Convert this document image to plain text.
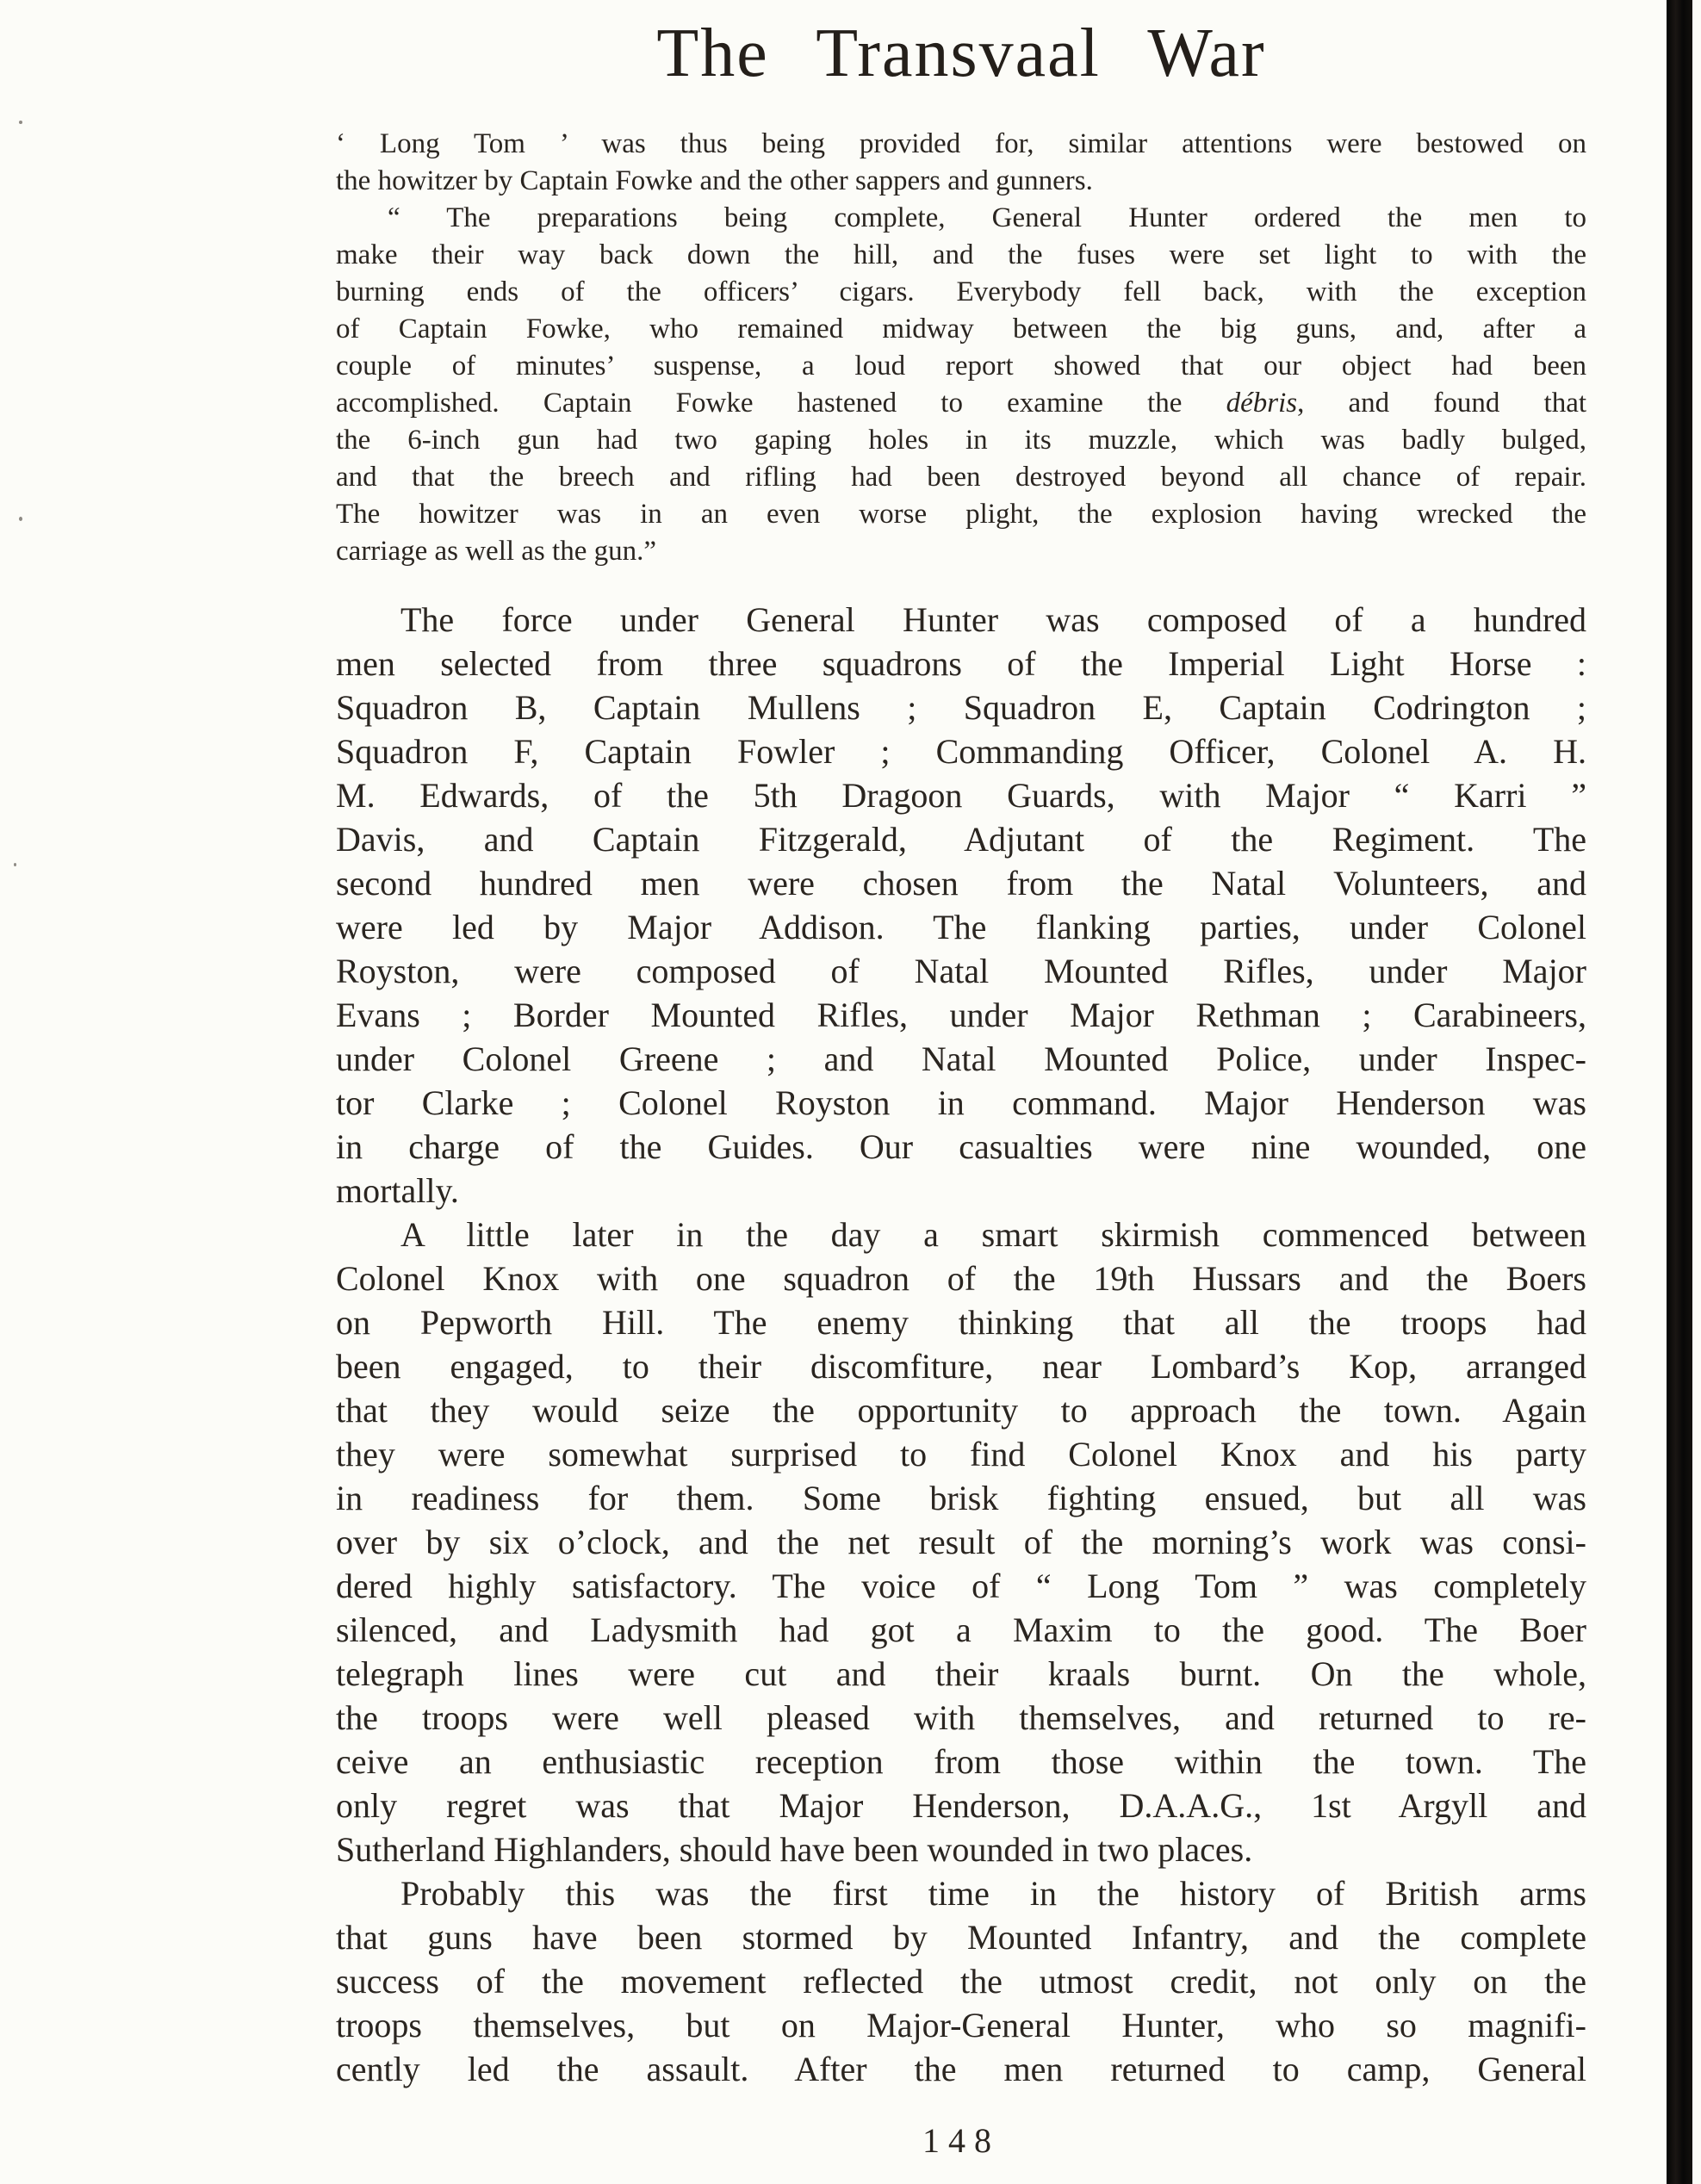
The Transvaal War
‘ Long Tom ’ was thus being provided for, similar attentions were bestowed on
the howitzer by Captain Fowke and the other sappers and gunners.
“ The preparations being complete, General Hunter ordered the men to
make their way back down the hill, and the fuses were set light to with the
burning ends of the officers’ cigars. Everybody fell back, with the exception
of Captain Fowke, who remained midway between the big guns, and, after a
couple of minutes’ suspense, a loud report showed that our object had been
accomplished. Captain Fowke hastened to examine the débris, and found that
the 6-inch gun had two gaping holes in its muzzle, which was badly bulged,
and that the breech and rifling had been destroyed beyond all chance of repair.
The howitzer was in an even worse plight, the explosion having wrecked the
carriage as well as the gun.”
The force under General Hunter was composed of a hundred
men selected from three squadrons of the Imperial Light Horse :
Squadron B, Captain Mullens ; Squadron E, Captain Codrington ;
Squadron F, Captain Fowler ; Commanding Officer, Colonel A. H.
M. Edwards, of the 5th Dragoon Guards, with Major “ Karri ”
Davis, and Captain Fitzgerald, Adjutant of the Regiment. The
second hundred men were chosen from the Natal Volunteers, and
were led by Major Addison. The flanking parties, under Colonel
Royston, were composed of Natal Mounted Rifles, under Major
Evans ; Border Mounted Rifles, under Major Rethman ; Carabineers,
under Colonel Greene ; and Natal Mounted Police, under Inspec-
tor Clarke ; Colonel Royston in command. Major Henderson was
in charge of the Guides. Our casualties were nine wounded, one
mortally.
A little later in the day a smart skirmish commenced between
Colonel Knox with one squadron of the 19th Hussars and the Boers
on Pepworth Hill. The enemy thinking that all the troops had
been engaged, to their discomfiture, near Lombard’s Kop, arranged
that they would seize the opportunity to approach the town. Again
they were somewhat surprised to find Colonel Knox and his party
in readiness for them. Some brisk fighting ensued, but all was
over by six o’clock, and the net result of the morning’s work was consi-
dered highly satisfactory. The voice of “ Long Tom ” was completely
silenced, and Ladysmith had got a Maxim to the good. The Boer
telegraph lines were cut and their kraals burnt. On the whole,
the troops were well pleased with themselves, and returned to re-
ceive an enthusiastic reception from those within the town. The
only regret was that Major Henderson, D.A.A.G., 1st Argyll and
Sutherland Highlanders, should have been wounded in two places.
Probably this was the first time in the history of British arms
that guns have been stormed by Mounted Infantry, and the complete
success of the movement reflected the utmost credit, not only on the
troops themselves, but on Major-General Hunter, who so magnifi-
cently led the assault. After the men returned to camp, General
148
